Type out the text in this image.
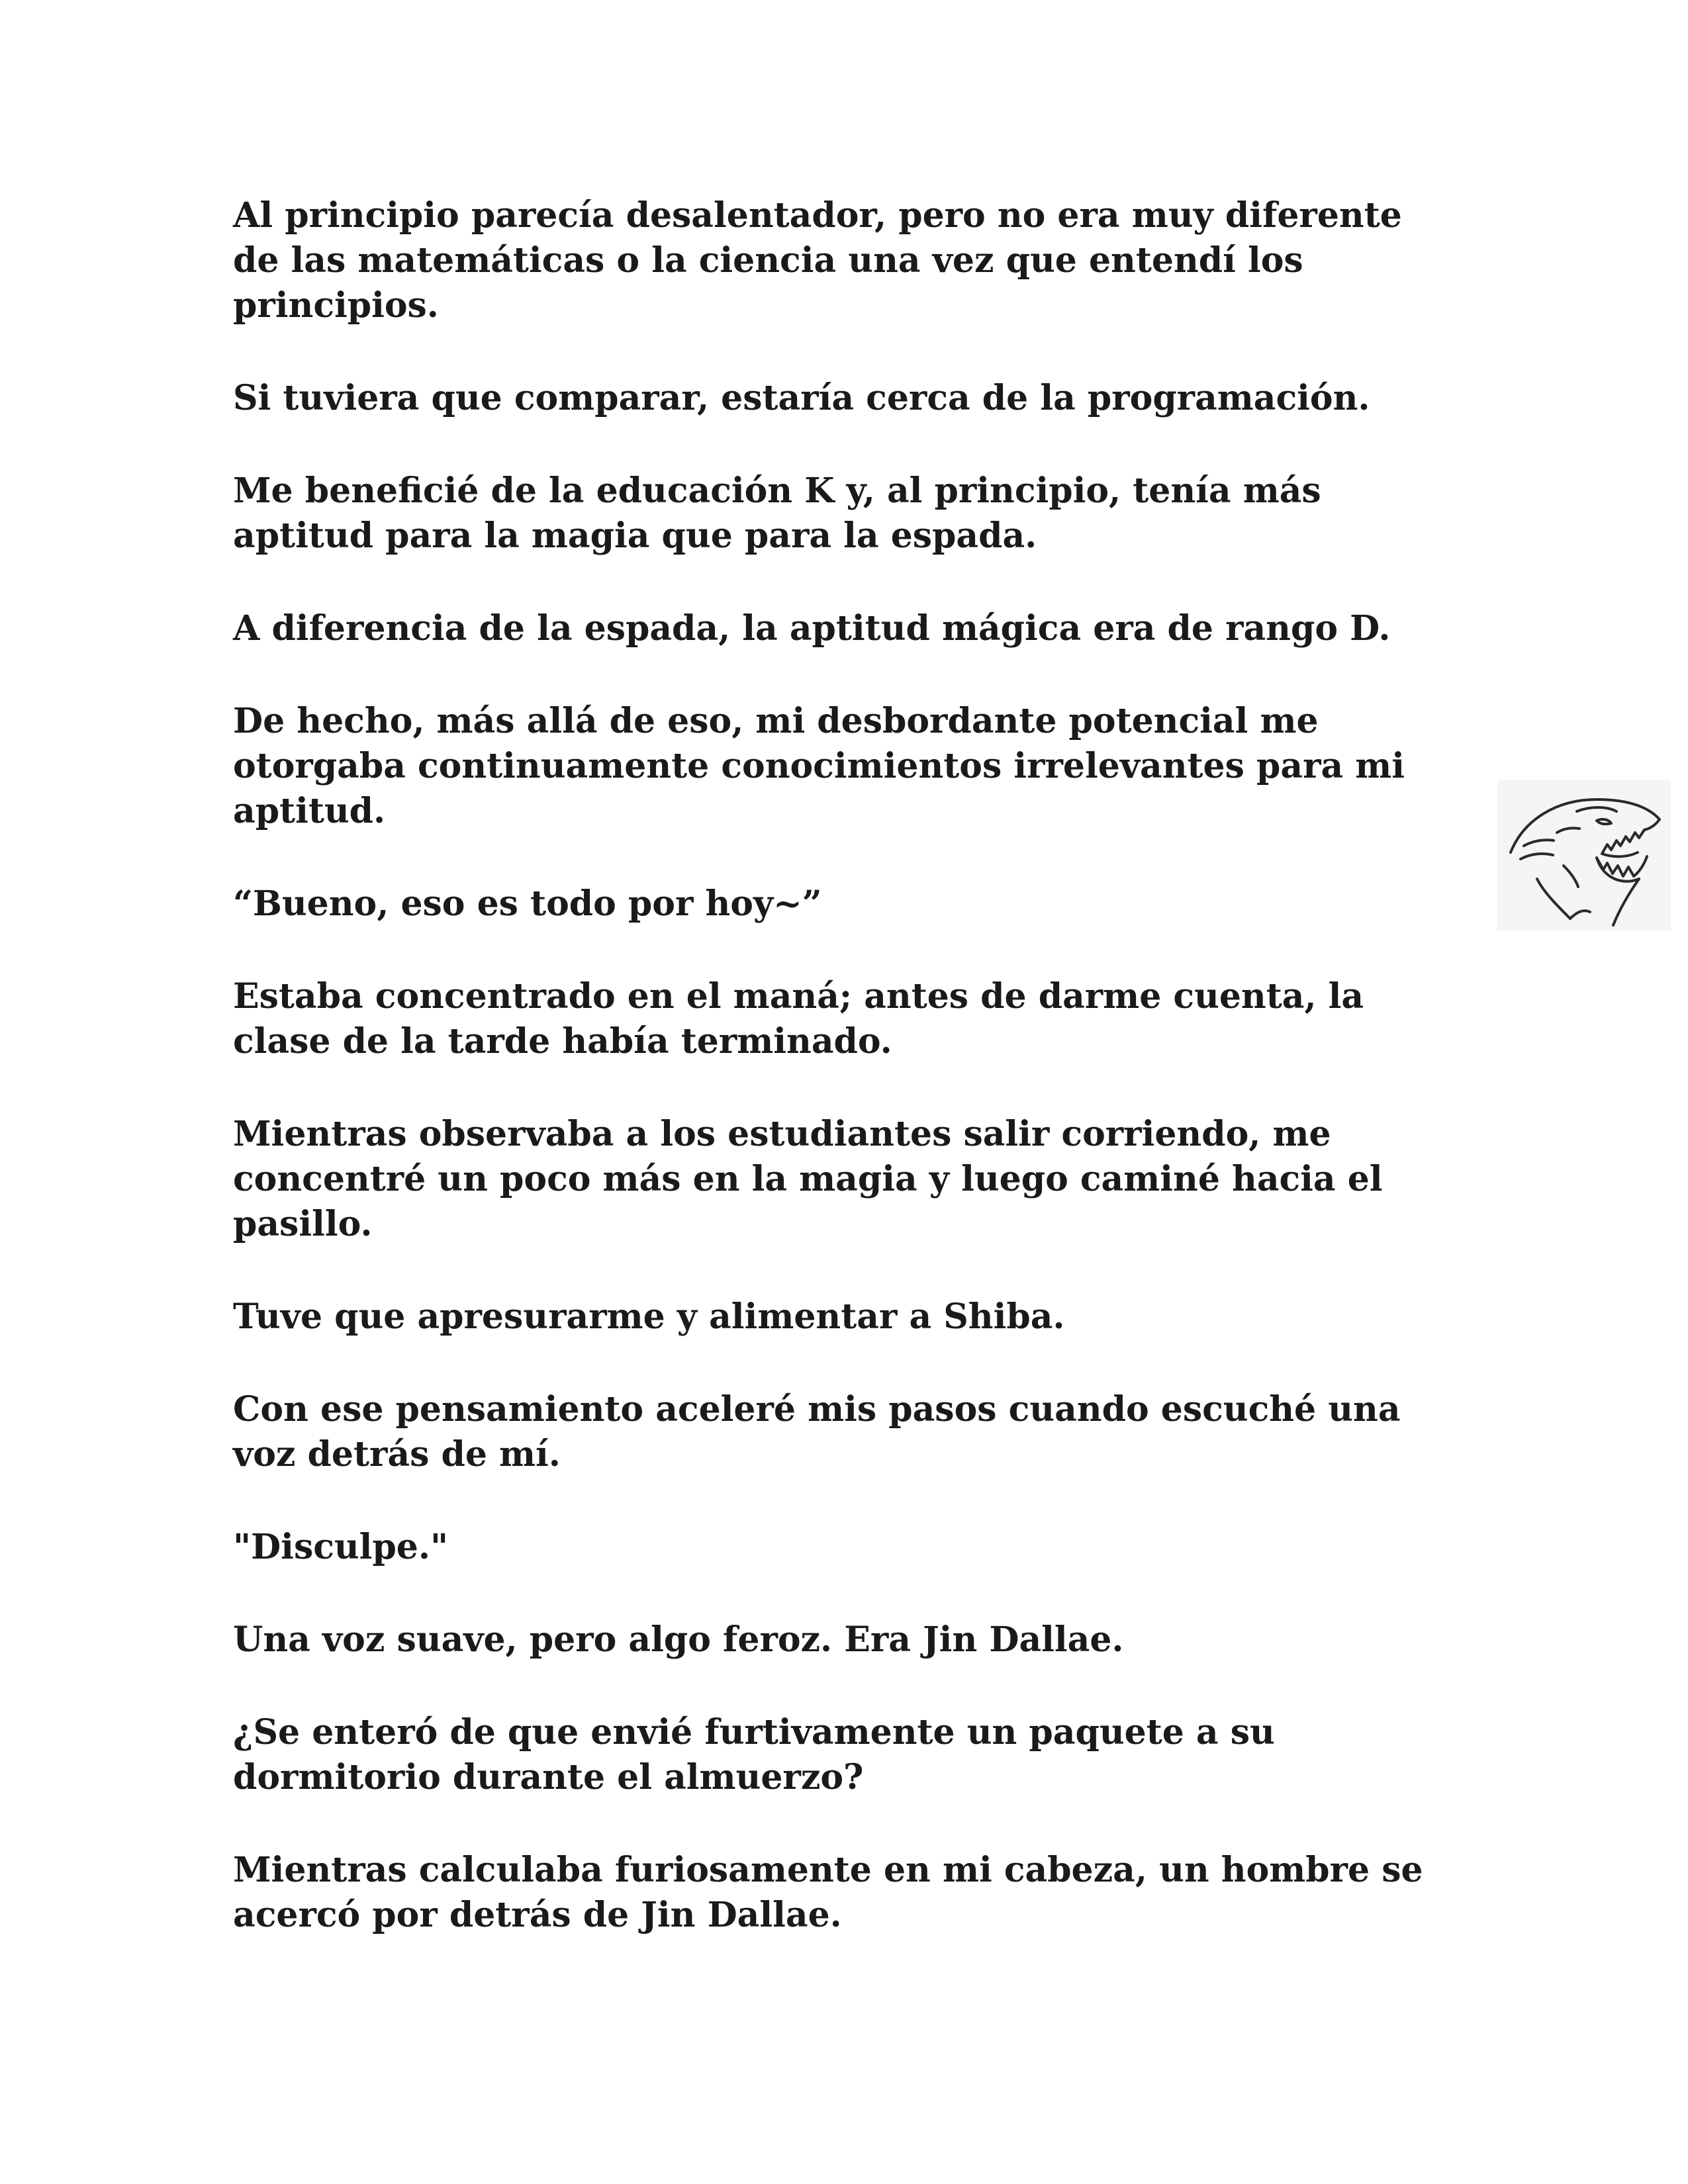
Al principio parecía desalentador, pero no era muy diferente de las matemáticas o la ciencia una vez que entendí los principios.

Si tuviera que comparar, estaría cerca de la programación.

Me beneficié de la educación K y, al principio, tenía más aptitud para la magia que para la espada.

A diferencia de la espada, la aptitud mágica era de rango D.

De hecho, más allá de eso, mi desbordante potencial me otorgaba continuamente conocimientos irrelevantes para mi aptitud.

“Bueno, eso es todo por hoy~”

Estaba concentrado en el maná; antes de darme cuenta, la clase de la tarde había terminado.

Mientras observaba a los estudiantes salir corriendo, me concentré un poco más en la magia y luego caminé hacia el pasillo.

Tuve que apresurarme y alimentar a Shiba.

Con ese pensamiento aceleré mis pasos cuando escuché una voz detrás de mí.

"Disculpe."

Una voz suave, pero algo feroz. Era Jin Dallae.

¿Se enteró de que envié furtivamente un paquete a su dormitorio durante el almuerzo?

Mientras calculaba furiosamente en mi cabeza, un hombre se acercó por detrás de Jin Dallae.
